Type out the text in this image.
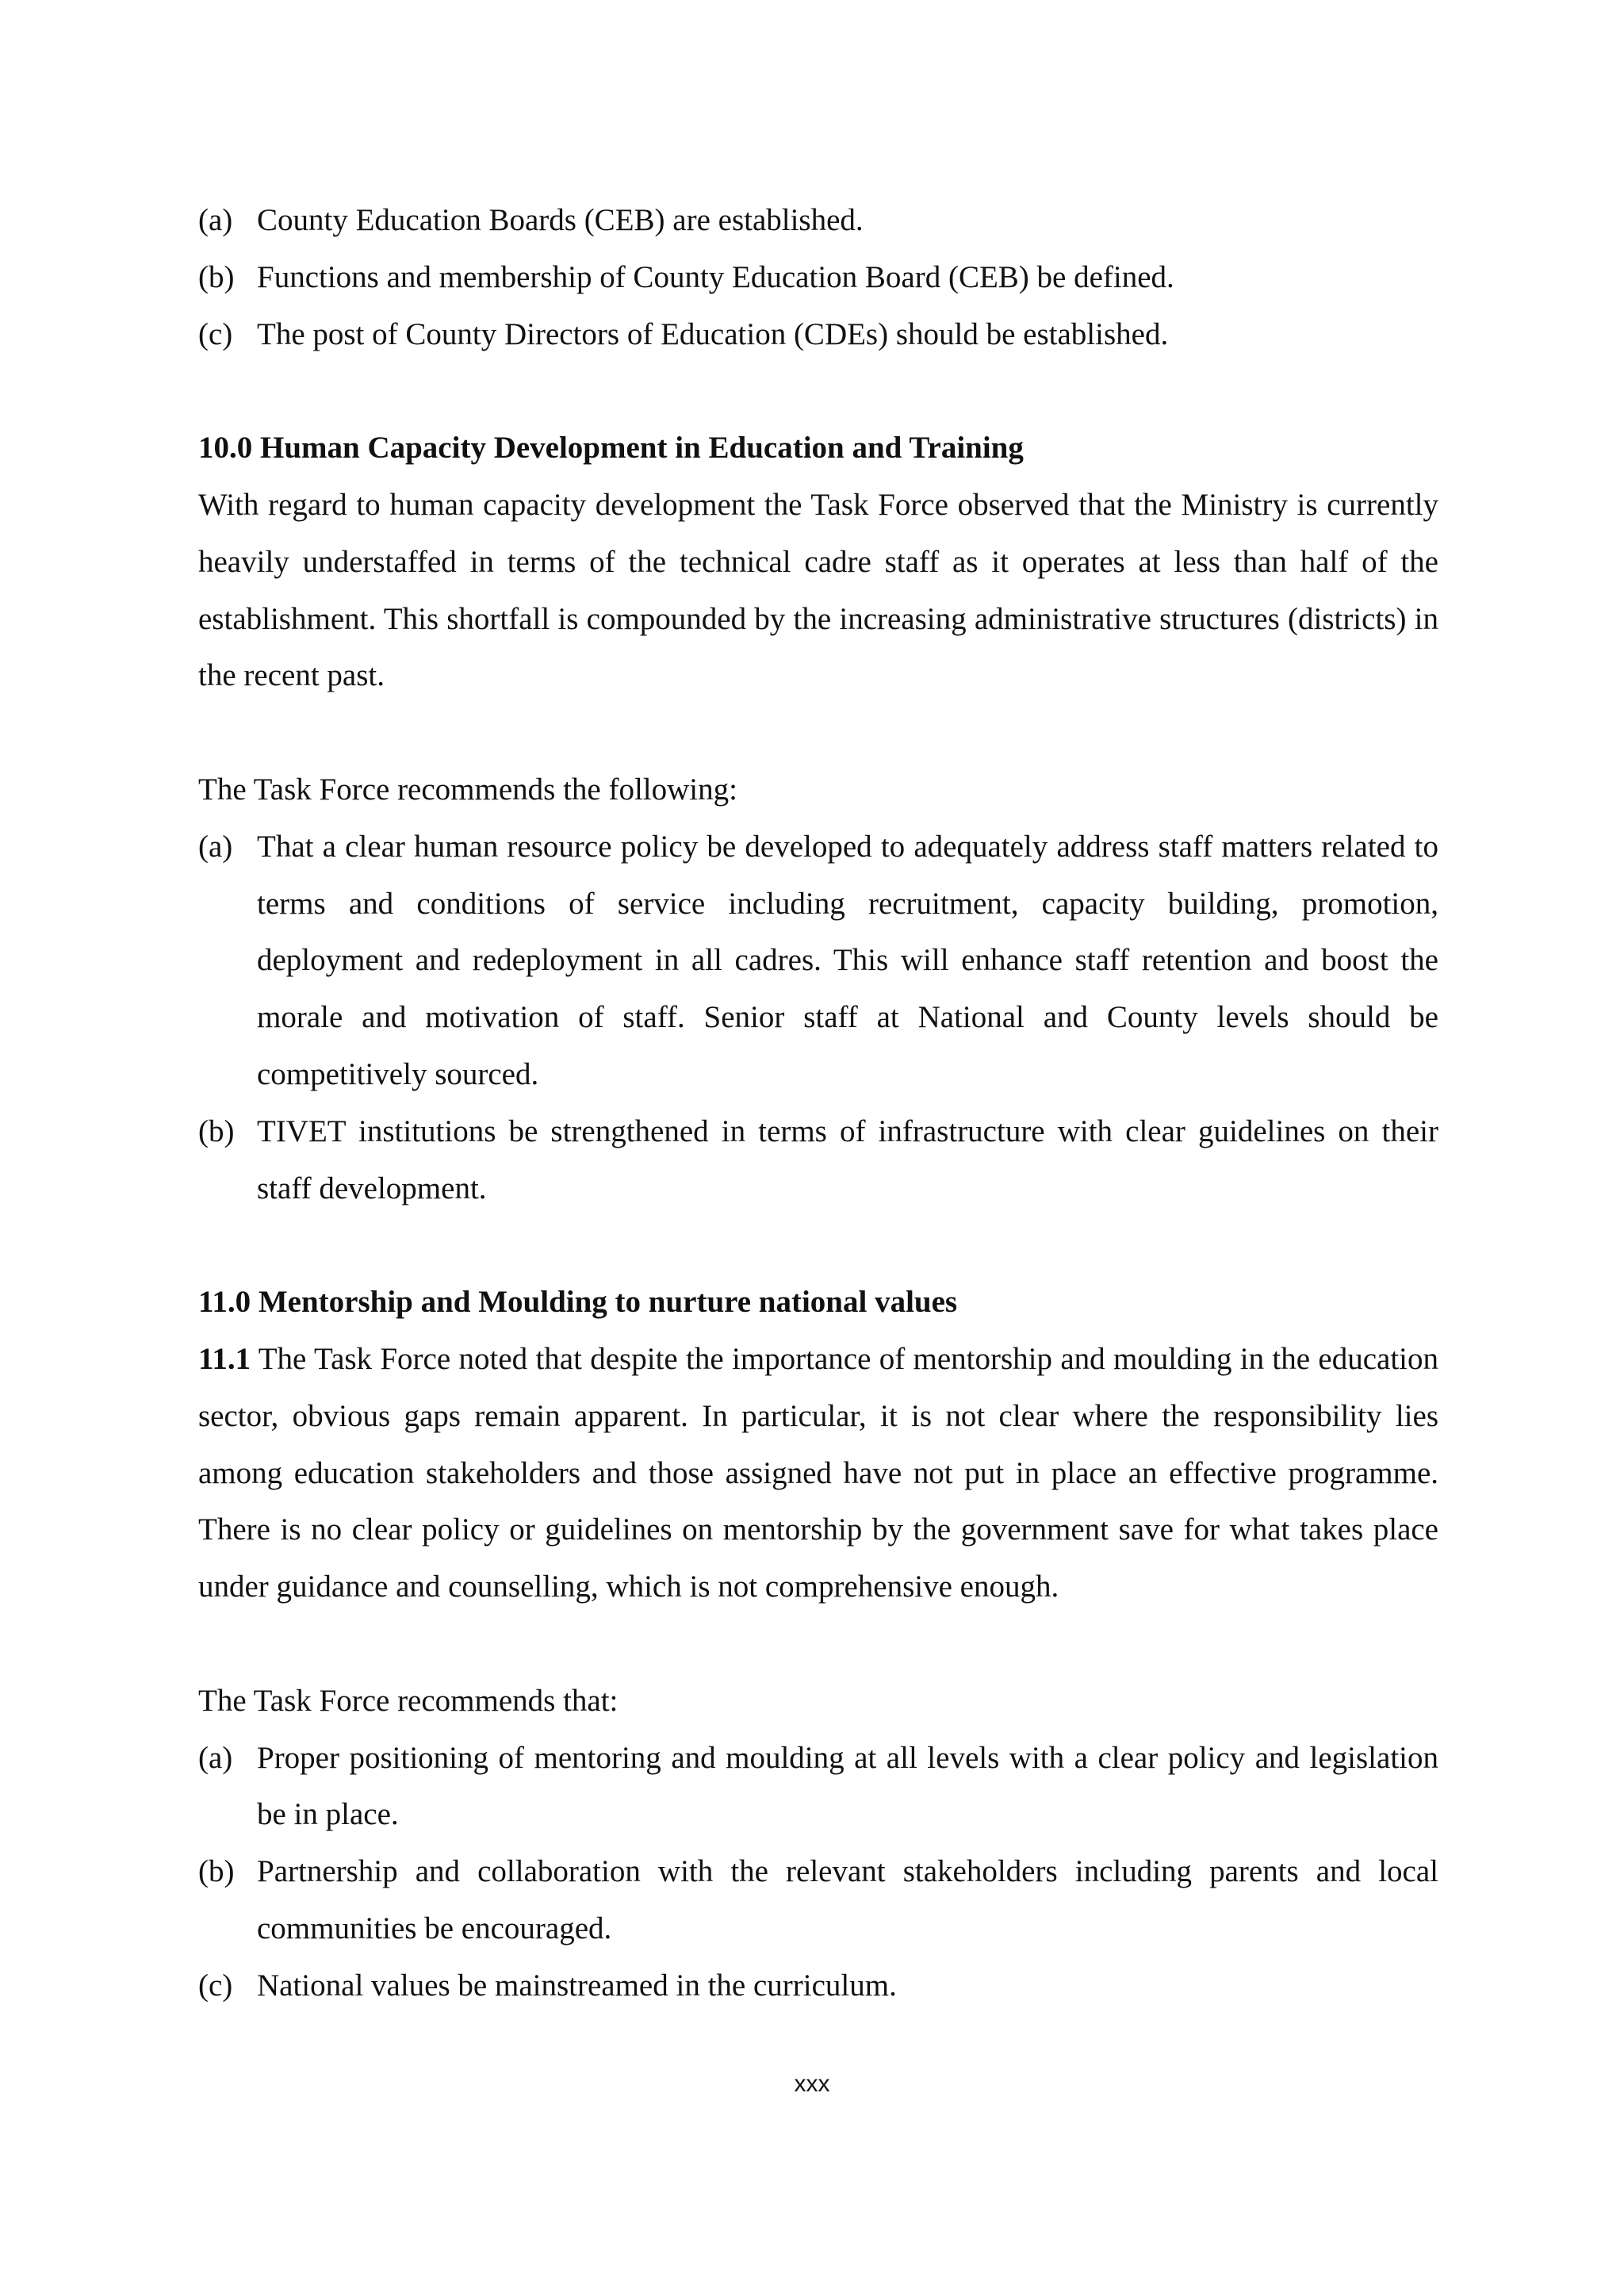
(a) County Education Boards (CEB) are established.
(b) Functions and membership of County Education Board (CEB) be defined.
(c) The post of County Directors of Education (CDEs) should be established.

10.0 Human Capacity Development in Education and Training

With regard to human capacity development the Task Force observed that the Ministry is currently heavily understaffed in terms of the technical cadre staff as it operates at less than half of the establishment. This shortfall is compounded by the increasing administrative structures (districts) in the recent past.

The Task Force recommends the following:

(a) That a clear human resource policy be developed to adequately address staff matters related to terms and conditions of service including recruitment, capacity building, promotion, deployment and redeployment in all cadres. This will enhance staff retention and boost the morale and motivation of staff. Senior staff at National and County levels should be competitively sourced.
(b) TIVET institutions be strengthened in terms of infrastructure with clear guidelines on their staff development.

11.0 Mentorship and Moulding to nurture national values

11.1 The Task Force noted that despite the importance of mentorship and moulding in the education sector, obvious gaps remain apparent. In particular, it is not clear where the responsibility lies among education stakeholders and those assigned have not put in place an effective programme. There is no clear policy or guidelines on mentorship by the government save for what takes place under guidance and counselling, which is not comprehensive enough.

The Task Force recommends that:

(a) Proper positioning of mentoring and moulding at all levels with a clear policy and legislation be in place.
(b) Partnership and collaboration with the relevant stakeholders including parents and local communities be encouraged.
(c) National values be mainstreamed in the curriculum.
xxx
